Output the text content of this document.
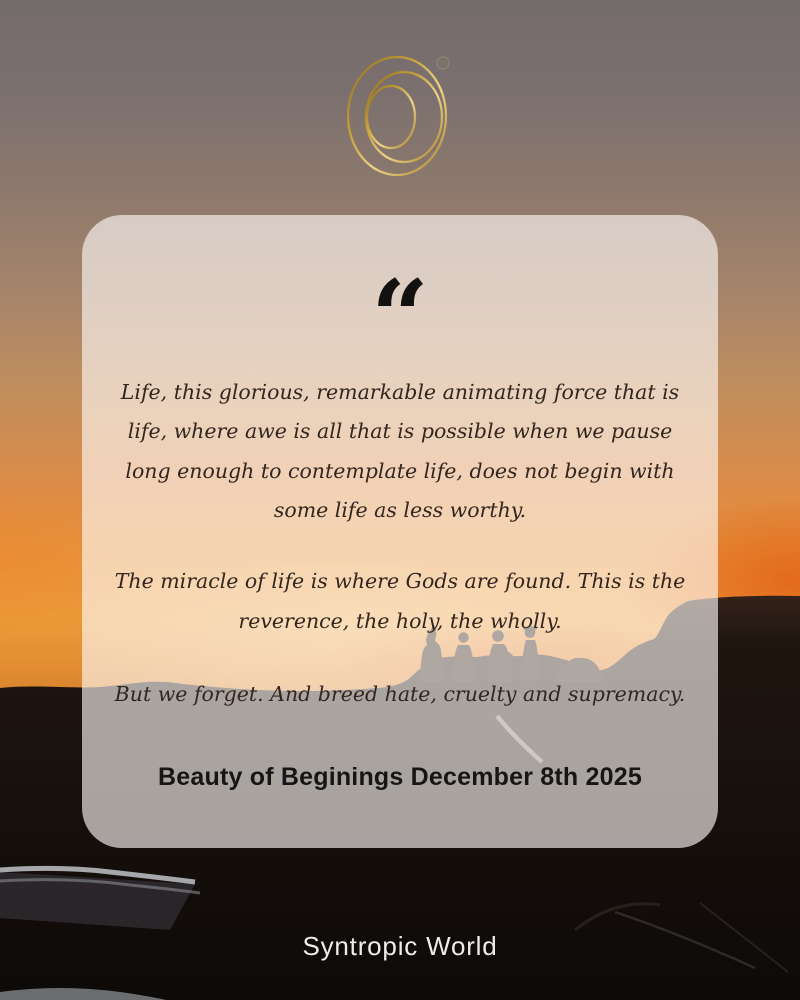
TM
“

Life, this glorious, remarkable animating force that is life, where awe is all that is possible when we pause long enough to contemplate life, does not begin with some life as less worthy.

The miracle of life is where Gods are found. This is the reverence, the holy, the wholly.

But we forget. And breed hate, cruelty and supremacy.

Beauty of Beginings December 8th 2025
Syntropic World
